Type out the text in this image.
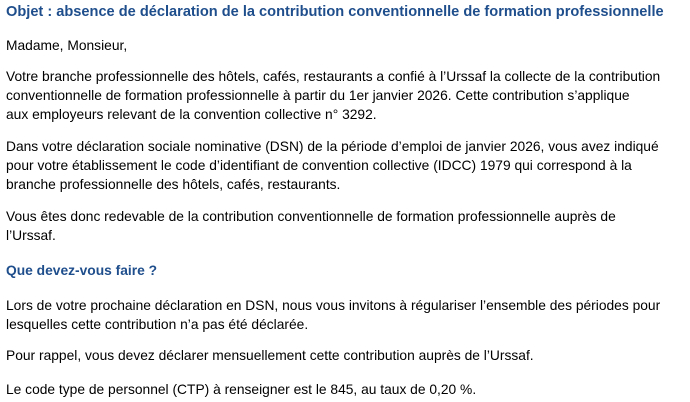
Objet : absence de déclaration de la contribution conventionnelle de formation professionnelle
Madame, Monsieur,
Votre branche professionnelle des hôtels, cafés, restaurants a confié à l’Urssaf la collecte de la contribution
conventionnelle de formation professionnelle à partir du 1er janvier 2026. Cette contribution s’applique
aux employeurs relevant de la convention collective n° 3292.
Dans votre déclaration sociale nominative (DSN) de la période d’emploi de janvier 2026, vous avez indiqué
pour votre établissement le code d’identifiant de convention collective (IDCC) 1979 qui correspond à la
branche professionnelle des hôtels, cafés, restaurants.
Vous êtes donc redevable de la contribution conventionnelle de formation professionnelle auprès de
l’Urssaf.
Que devez-vous faire ?
Lors de votre prochaine déclaration en DSN, nous vous invitons à régulariser l’ensemble des périodes pour
lesquelles cette contribution n’a pas été déclarée.
Pour rappel, vous devez déclarer mensuellement cette contribution auprès de l’Urssaf.
Le code type de personnel (CTP) à renseigner est le 845, au taux de 0,20 %.
